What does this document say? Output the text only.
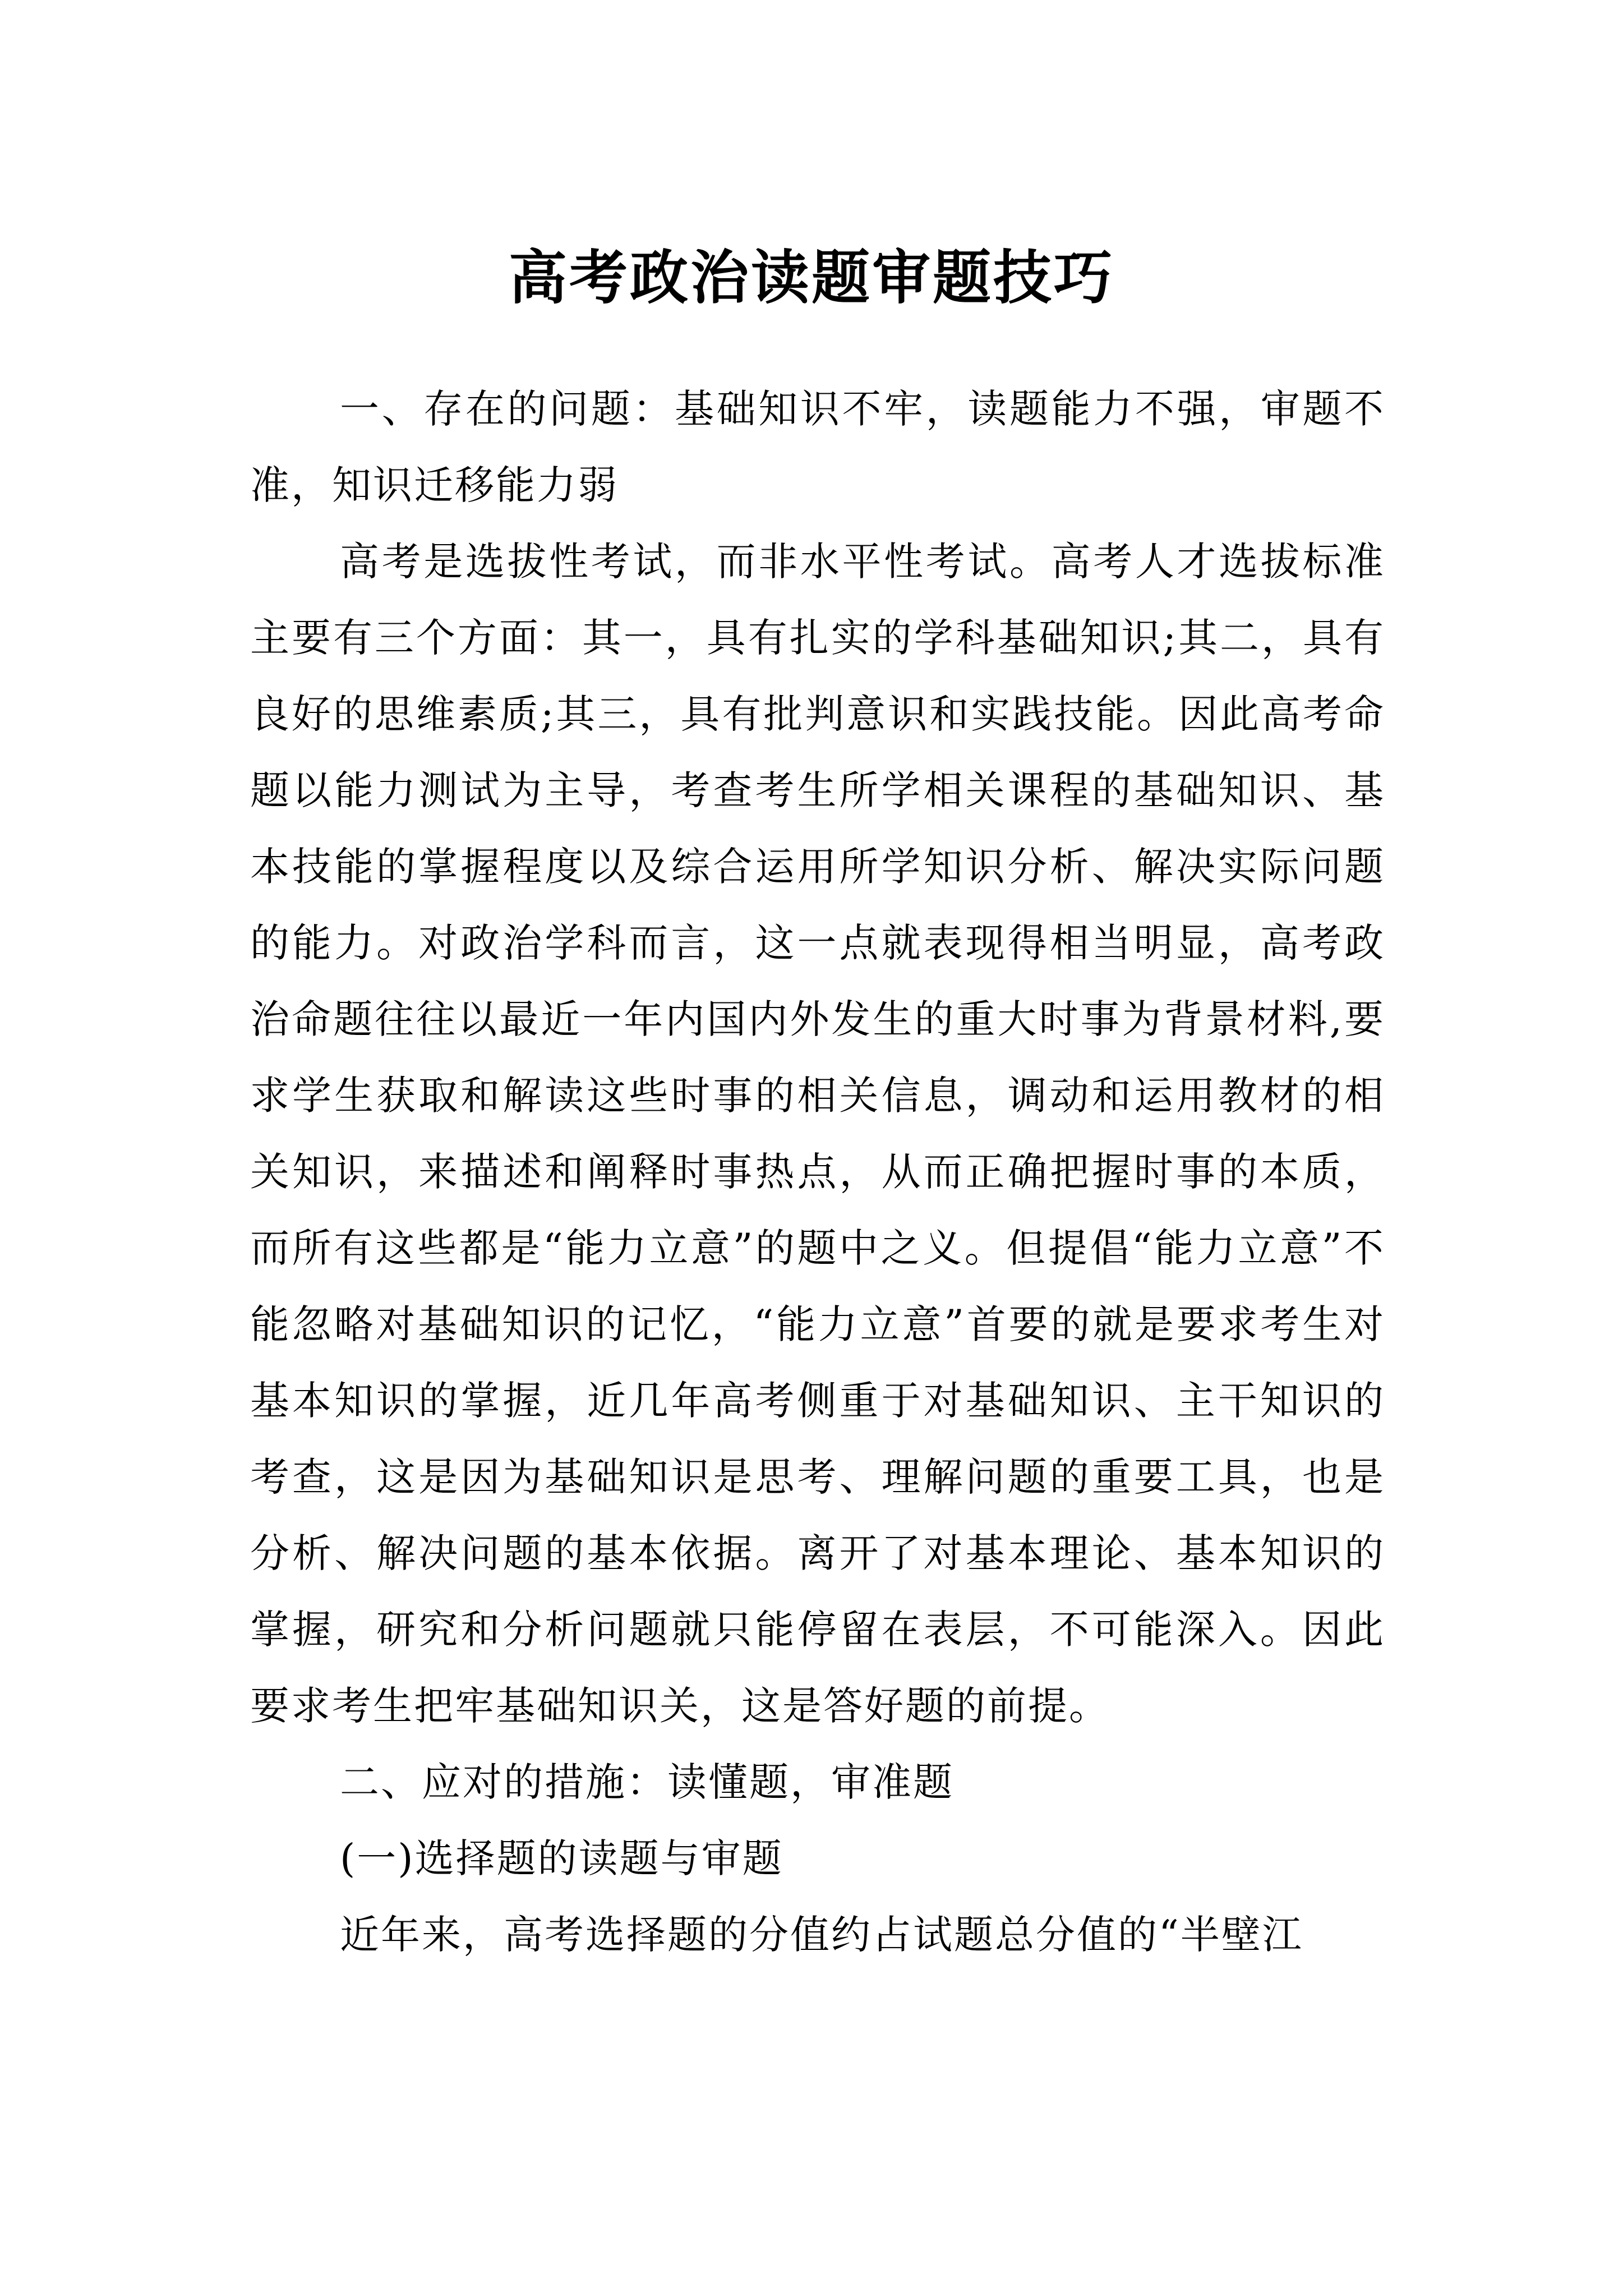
高考政治读题审题技巧

一、存在的问题：基础知识不牢，读题能力不强，审题不准，知识迁移能力弱

高考是选拔性考试，而非水平性考试。高考人才选拔标准主要有三个方面：其一，具有扎实的学科基础知识;其二，具有良好的思维素质;其三，具有批判意识和实践技能。因此高考命题以能力测试为主导，考查考生所学相关课程的基础知识、基本技能的掌握程度以及综合运用所学知识分析、解决实际问题的能力。对政治学科而言，这一点就表现得相当明显，高考政治命题往往以最近一年内国内外发生的重大时事为背景材料,要求学生获取和解读这些时事的相关信息，调动和运用教材的相关知识，来描述和阐释时事热点，从而正确把握时事的本质，而所有这些都是“能力立意”的题中之义。但提倡“能力立意”不能忽略对基础知识的记忆，“能力立意”首要的就是要求考生对基本知识的掌握，近几年高考侧重于对基础知识、主干知识的考查，这是因为基础知识是思考、理解问题的重要工具，也是分析、解决问题的基本依据。离开了对基本理论、基本知识的掌握，研究和分析问题就只能停留在表层，不可能深入。因此要求考生把牢基础知识关，这是答好题的前提。

二、应对的措施：读懂题，审准题

(一)选择题的读题与审题

近年来，高考选择题的分值约占试题总分值的“半壁江
